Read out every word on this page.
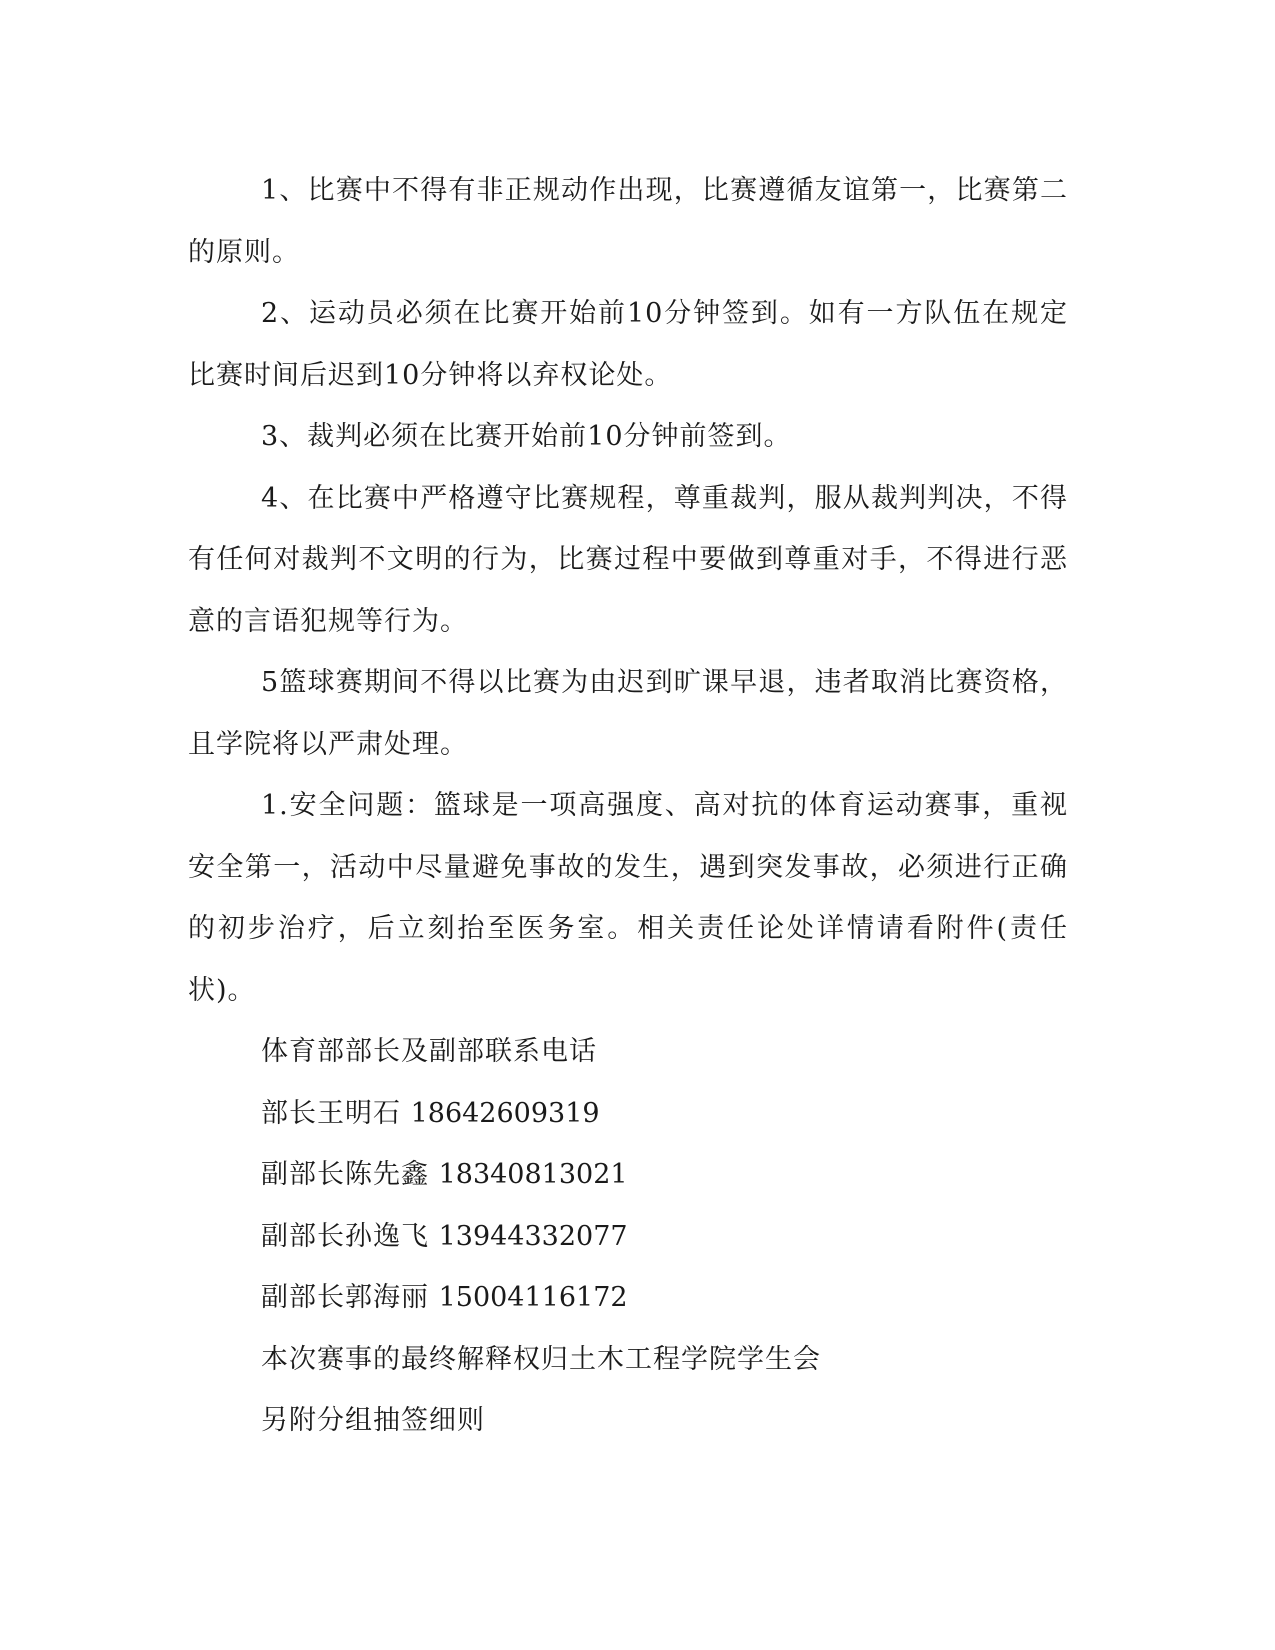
1、比赛中不得有非正规动作出现，比赛遵循友谊第一，比赛第二的原则。

2、运动员必须在比赛开始前10分钟签到。如有一方队伍在规定比赛时间后迟到10分钟将以弃权论处。

3、裁判必须在比赛开始前10分钟前签到。

4、在比赛中严格遵守比赛规程，尊重裁判，服从裁判判决，不得有任何对裁判不文明的行为，比赛过程中要做到尊重对手，不得进行恶意的言语犯规等行为。

5篮球赛期间不得以比赛为由迟到旷课早退，违者取消比赛资格，且学院将以严肃处理。

1.安全问题：篮球是一项高强度、高对抗的体育运动赛事，重视安全第一，活动中尽量避免事故的发生，遇到突发事故，必须进行正确的初步治疗，后立刻抬至医务室。相关责任论处详情请看附件(责任状)。

体育部部长及副部联系电话

部长王明石 18642609319

副部长陈先鑫 18340813021

副部长孙逸飞 13944332077

副部长郭海丽 15004116172

本次赛事的最终解释权归土木工程学院学生会

另附分组抽签细则
